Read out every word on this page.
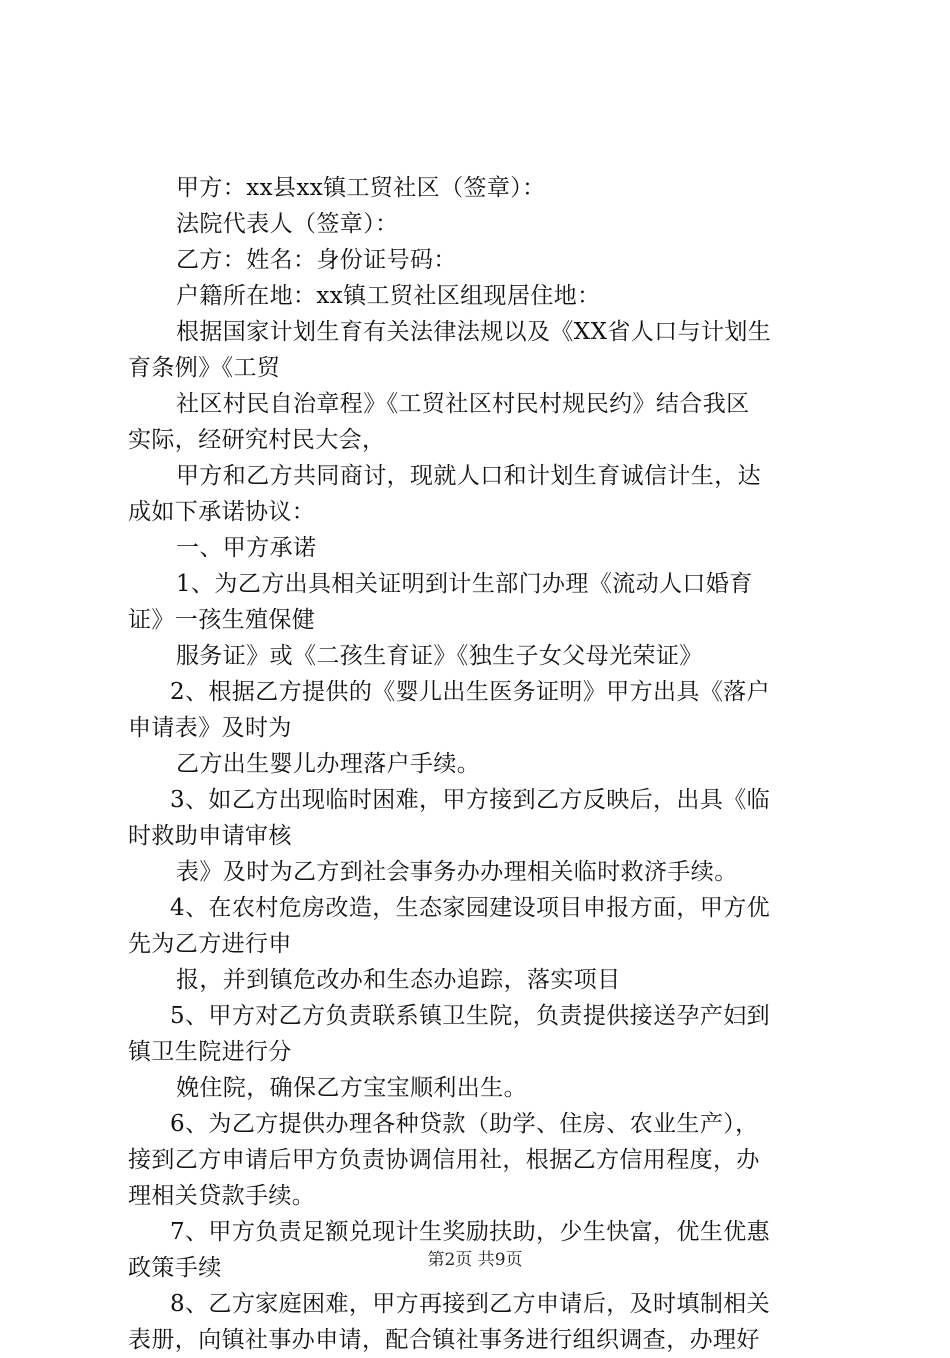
甲方：xx县xx镇工贸社区（签章）：
法院代表人（签章）：
乙方：姓名：身份证号码：
户籍所在地：xx镇工贸社区组现居住地：
根据国家计划生育有关法律法规以及《XX省人口与计划生
育条例》《工贸
社区村民自治章程》《工贸社区村民村规民约》结合我区
实际，经研究村民大会，
甲方和乙方共同商讨，现就人口和计划生育诚信计生，达
成如下承诺协议：
一、甲方承诺
1、为乙方出具相关证明到计生部门办理《流动人口婚育
证》一孩生殖保健
服务证》或《二孩生育证》《独生子女父母光荣证》
2、根据乙方提供的《婴儿出生医务证明》甲方出具《落户
申请表》及时为
乙方出生婴儿办理落户手续。
3、如乙方出现临时困难，甲方接到乙方反映后，出具《临
时救助申请审核
表》及时为乙方到社会事务办办理相关临时救济手续。
4、在农村危房改造，生态家园建设项目申报方面，甲方优
先为乙方进行申
报，并到镇危改办和生态办追踪，落实项目
5、甲方对乙方负责联系镇卫生院，负责提供接送孕产妇到
镇卫生院进行分
娩住院，确保乙方宝宝顺利出生。
6、为乙方提供办理各种贷款（助学、住房、农业生产），
接到乙方申请后甲方负责协调信用社，根据乙方信用程度，办
理相关贷款手续。
7、甲方负责足额兑现计生奖励扶助，少生快富，优生优惠
政策手续
8、乙方家庭困难，甲方再接到乙方申请后，及时填制相关
表册，向镇社事办申请，配合镇社事务进行组织调查，办理好
第2页 共9页
